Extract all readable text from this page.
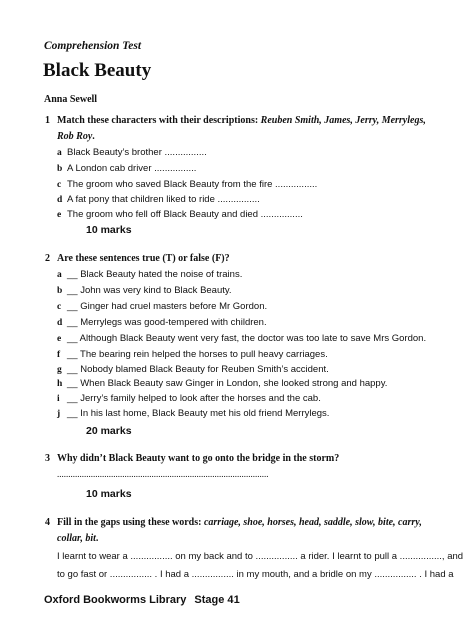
Comprehension Test
Black Beauty
Anna Sewell
1 Match these characters with their descriptions: Reuben Smith, James, Jerry, Merrylegs,
Rob Roy.
a Black Beauty’s brother ................
b A London cab driver ................
c The groom who saved Black Beauty from the fire ................
d A fat pony that children liked to ride ................
e The groom who fell off Black Beauty and died ................
10 marks
2 Are these sentences true (T) or false (F)?
a __ Black Beauty hated the noise of trains.
b __ John was very kind to Black Beauty.
c __ Ginger had cruel masters before Mr Gordon.
d __ Merrylegs was good-tempered with children.
e __ Although Black Beauty went very fast, the doctor was too late to save Mrs Gordon.
f __ The bearing rein helped the horses to pull heavy carriages.
g __ Nobody blamed Black Beauty for Reuben Smith’s accident.
h __ When Black Beauty saw Ginger in London, she looked strong and happy.
i __ Jerry’s family helped to look after the horses and the cab.
j __ In his last home, Black Beauty met his old friend Merrylegs.
20 marks
3 Why didn’t Black Beauty want to go onto the bridge in the storm?
..............................................................................................
10 marks
4 Fill in the gaps using these words: carriage, shoe, horses, head, saddle, slow, bite, carry,
collar, bit.
I learnt to wear a ................ on my back and to ................ a rider. I learnt to pull a ................, and
to go fast or ................ . I had a ................ in my mouth, and a bridle on my ................ . I had a
Oxford Bookworms Library Stage 41
